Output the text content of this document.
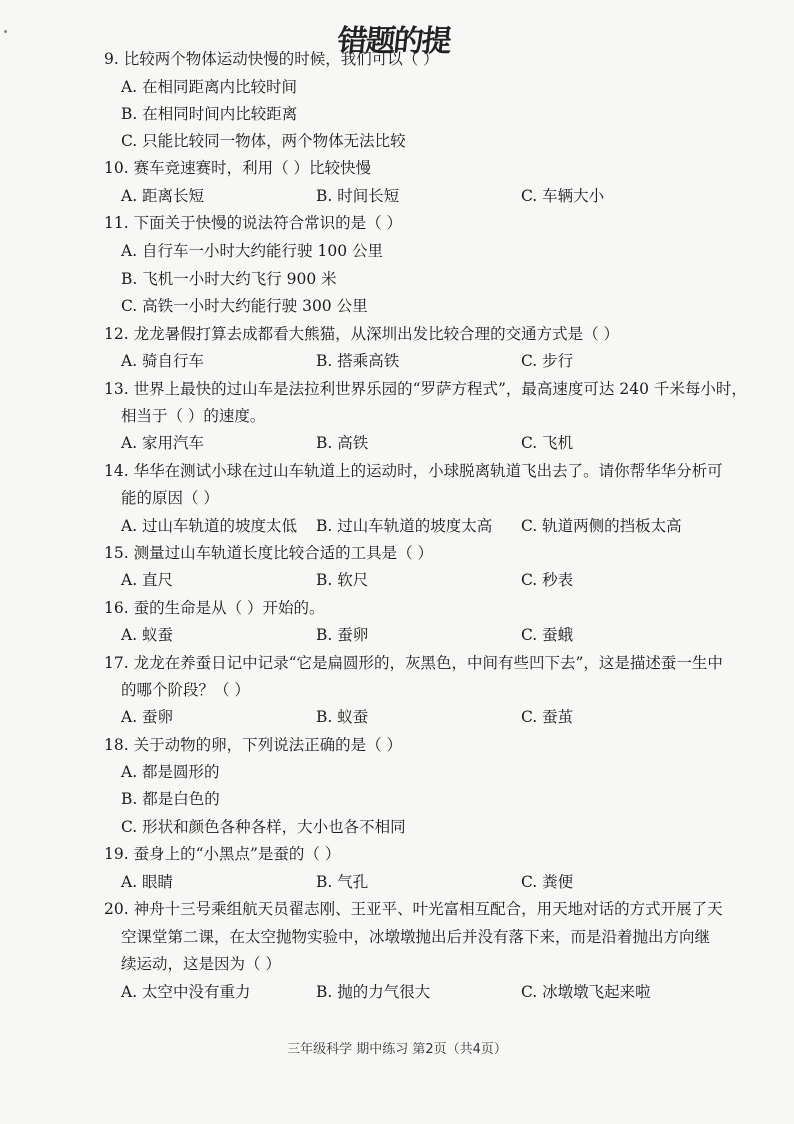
错题的提
9. 比较两个物体运动快慢的时候，我们可以（ ）
A. 在相同距离内比较时间
B. 在相同时间内比较距离
C. 只能比较同一物体，两个物体无法比较
10. 赛车竞速赛时，利用（ ）比较快慢
A. 距离长短	B. 时间长短	C. 车辆大小
11. 下面关于快慢的说法符合常识的是（ ）
A. 自行车一小时大约能行驶 100 公里
B. 飞机一小时大约飞行 900 米
C. 高铁一小时大约能行驶 300 公里
12. 龙龙暑假打算去成都看大熊猫，从深圳出发比较合理的交通方式是（ ）
A. 骑自行车	B. 搭乘高铁	C. 步行
13. 世界上最快的过山车是法拉利世界乐园的“罗萨方程式”，最高速度可达 240 千米每小时，
相当于（ ）的速度。
A. 家用汽车	B. 高铁	C. 飞机
14. 华华在测试小球在过山车轨道上的运动时，小球脱离轨道飞出去了。请你帮华华分析可
能的原因（ ）
A. 过山车轨道的坡度太低 B. 过山车轨道的坡度太高 C. 轨道两侧的挡板太高
15. 测量过山车轨道长度比较合适的工具是（ ）
A. 直尺	B. 软尺	C. 秒表
16. 蚕的生命是从（ ）开始的。
A. 蚁蚕	B. 蚕卵	C. 蚕蛾
17. 龙龙在养蚕日记中记录“它是扁圆形的，灰黑色，中间有些凹下去”，这是描述蚕一生中
的哪个阶段？（ ）
A. 蚕卵	B. 蚁蚕	C. 蚕茧
18. 关于动物的卵，下列说法正确的是（ ）
A. 都是圆形的
B. 都是白色的
C. 形状和颜色各种各样，大小也各不相同
19. 蚕身上的“小黑点”是蚕的（ ）
A. 眼睛	B. 气孔	C. 粪便
20. 神舟十三号乘组航天员翟志刚、王亚平、叶光富相互配合，用天地对话的方式开展了天
空课堂第二课，在太空抛物实验中，冰墩墩抛出后并没有落下来，而是沿着抛出方向继
续运动，这是因为（ ）
A. 太空中没有重力	B. 抛的力气很大	C. 冰墩墩飞起来啦
三年级科学 期中练习 第2页（共4页）
